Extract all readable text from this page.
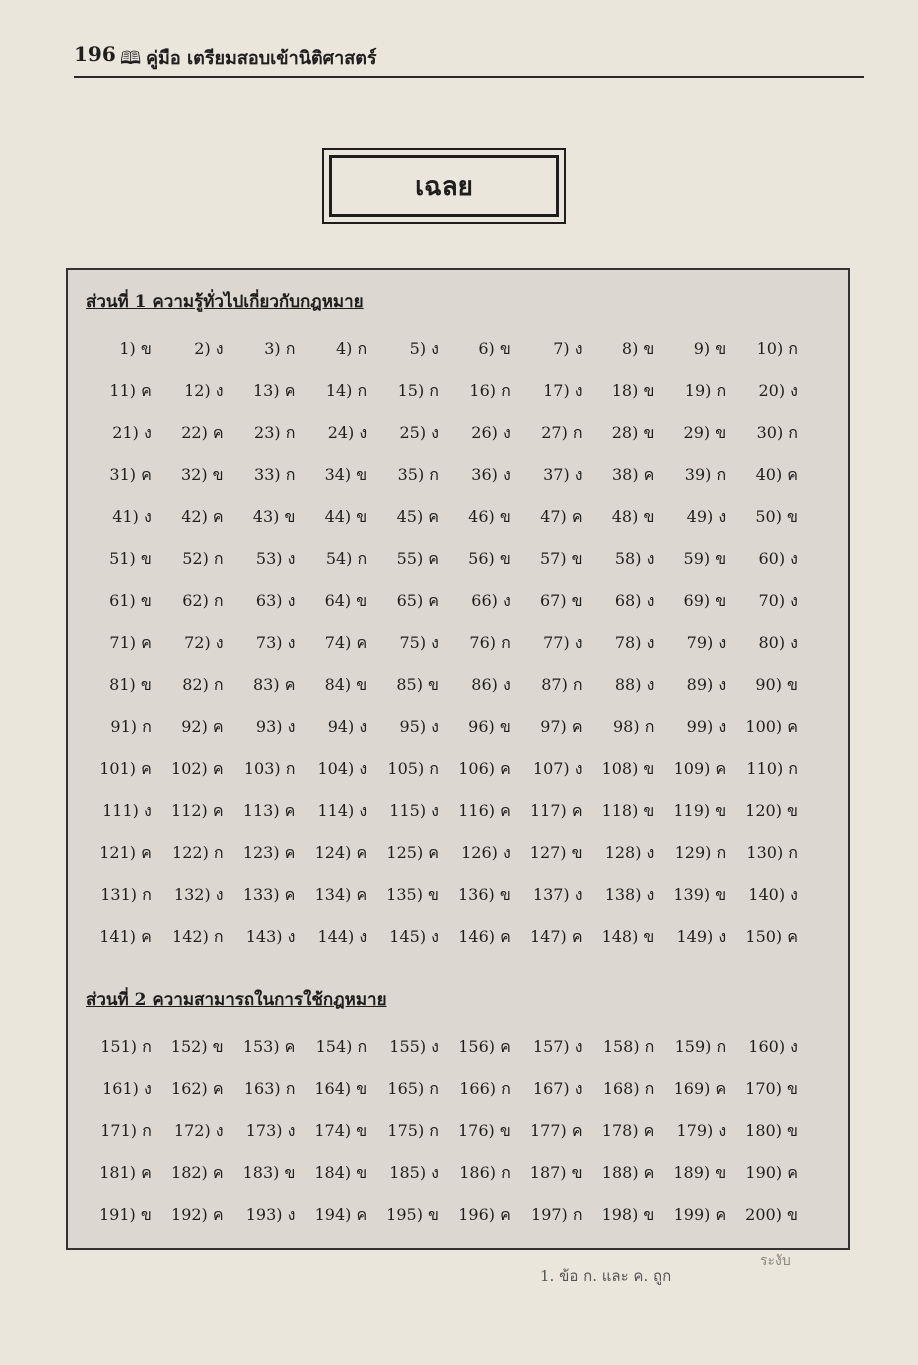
196 🕮 คู่มือ เตรียมสอบเข้านิติศาสตร์
เฉลย
ส่วนที่ 1 ความรู้ทั่วไปเกี่ยวกับกฎหมาย
1) ข	2) ง	3) ก	4) ก	5) ง	6) ข	7) ง	8) ข	9) ข	10) ก
11) ค	12) ง	13) ค	14) ก	15) ก	16) ก	17) ง	18) ข	19) ก	20) ง
21) ง	22) ค	23) ก	24) ง	25) ง	26) ง	27) ก	28) ข	29) ข	30) ก
31) ค	32) ข	33) ก	34) ข	35) ก	36) ง	37) ง	38) ค	39) ก	40) ค
41) ง	42) ค	43) ข	44) ข	45) ค	46) ข	47) ค	48) ข	49) ง	50) ข
51) ข	52) ก	53) ง	54) ก	55) ค	56) ข	57) ข	58) ง	59) ข	60) ง
61) ข	62) ก	63) ง	64) ข	65) ค	66) ง	67) ข	68) ง	69) ข	70) ง
71) ค	72) ง	73) ง	74) ค	75) ง	76) ก	77) ง	78) ง	79) ง	80) ง
81) ข	82) ก	83) ค	84) ข	85) ข	86) ง	87) ก	88) ง	89) ง	90) ข
91) ก	92) ค	93) ง	94) ง	95) ง	96) ข	97) ค	98) ก	99) ง	100) ค
101) ค	102) ค	103) ก	104) ง	105) ก	106) ค	107) ง	108) ข	109) ค	110) ก
111) ง	112) ค	113) ค	114) ง	115) ง	116) ค	117) ค	118) ข	119) ข	120) ข
121) ค	122) ก	123) ค	124) ค	125) ค	126) ง	127) ข	128) ง	129) ก	130) ก
131) ก	132) ง	133) ค	134) ค	135) ข	136) ข	137) ง	138) ง	139) ข	140) ง
141) ค	142) ก	143) ง	144) ง	145) ง	146) ค	147) ค	148) ข	149) ง	150) ค
ส่วนที่ 2 ความสามารถในการใช้กฎหมาย
151) ก	152) ข	153) ค	154) ก	155) ง	156) ค	157) ง	158) ก	159) ก	160) ง
161) ง	162) ค	163) ก	164) ข	165) ก	166) ก	167) ง	168) ก	169) ค	170) ข
171) ก	172) ง	173) ง	174) ข	175) ก	176) ข	177) ค	178) ค	179) ง	180) ข
181) ค	182) ค	183) ข	184) ข	185) ง	186) ก	187) ข	188) ค	189) ข	190) ค
191) ข	192) ค	193) ง	194) ค	195) ข	196) ค	197) ก	198) ข	199) ค	200) ข
ระงับ
1. ข้อ ก. และ ค. ถูก
